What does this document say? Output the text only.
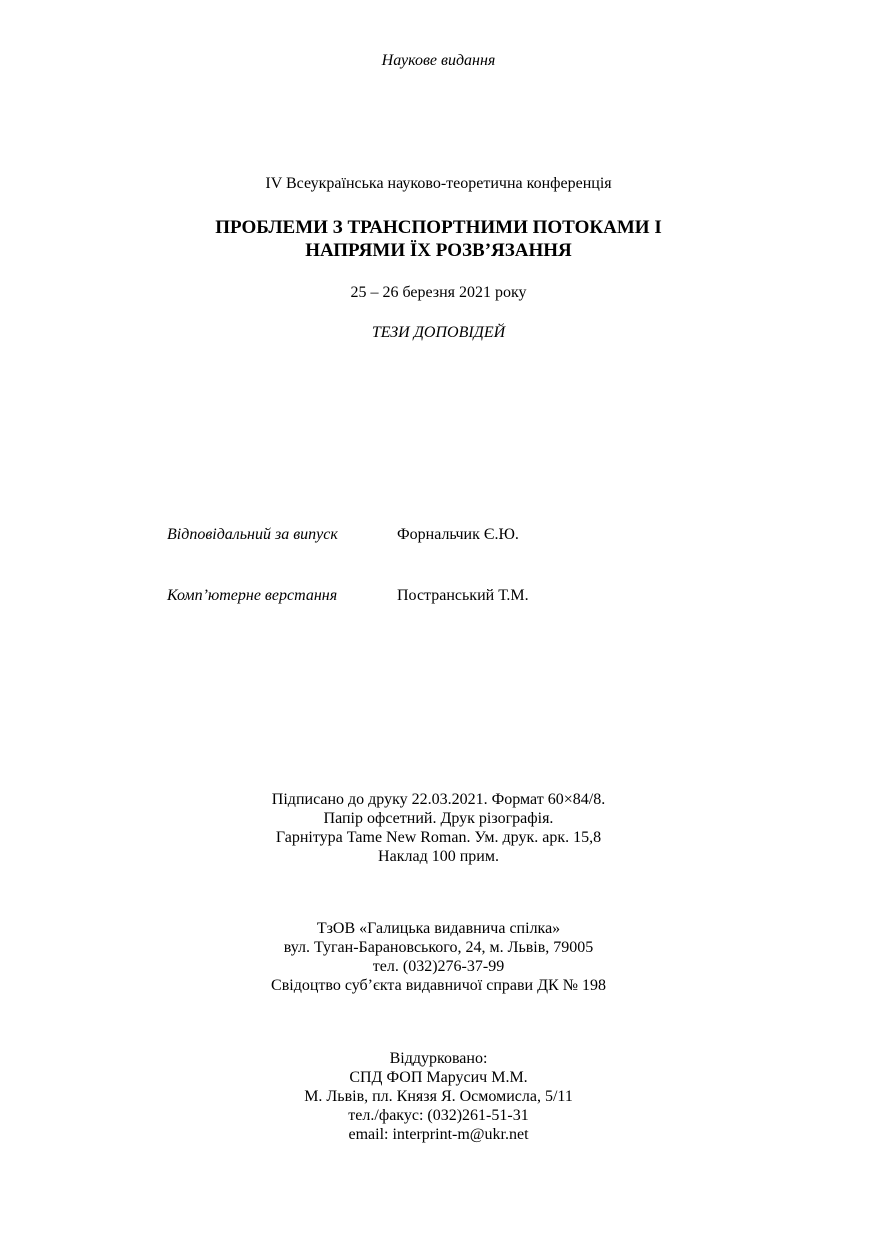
Наукове видання
IV Всеукраїнська науково-теоретична конференція
ПРОБЛЕМИ З ТРАНСПОРТНИМИ ПОТОКАМИ І
НАПРЯМИ ЇХ РОЗВ’ЯЗАННЯ
25 – 26 березня 2021 року
ТЕЗИ ДОПОВІДЕЙ
Відповідальний за випуск	Форнальчик Є.Ю.
Комп’ютерне верстання	Постранський Т.М.
Підписано до друку 22.03.2021. Формат 60×84/8.
Папір офсетний. Друк різографія.
Гарнітура Tame New Roman. Ум. друк. арк. 15,8
Наклад 100 прим.
ТзОВ «Галицька видавнича спілка»
вул. Туган-Барановського, 24, м. Львів, 79005
тел. (032)276-37-99
Свідоцтво суб’єкта видавничої справи ДК № 198
Віддурковано:
СПД ФОП Марусич М.М.
М. Львів, пл. Князя Я. Осмомисла, 5/11
тел./факус: (032)261-51-31
email: interprint-m@ukr.net
